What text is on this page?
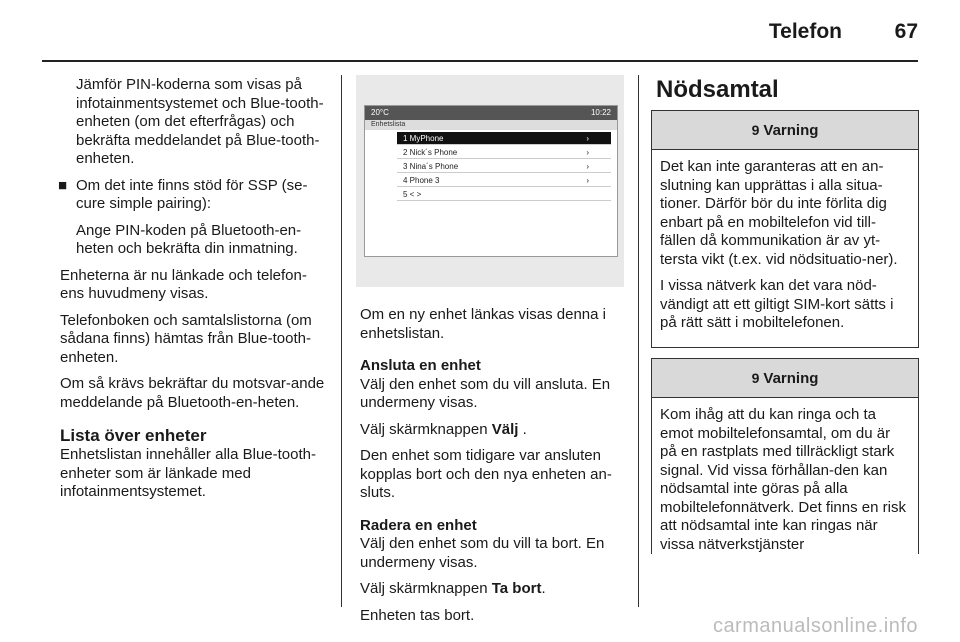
Telefon	67

Jämför PIN-koderna som visas på infotainmentsystemet och Blue‐tooth-enheten (om det efterfrågas) och bekräfta meddelandet på Blue‐tooth-enheten.

■ Om det inte finns stöd för SSP (se‐cure simple pairing):

Ange PIN-koden på Bluetooth-en‐heten och bekräfta din inmatning.

Enheterna är nu länkade och telefon‐ens huvudmeny visas.

Telefonboken och samtalslistorna (om sådana finns) hämtas från Blue‐tooth-enheten.

Om så krävs bekräftar du motsvar‐ande meddelande på Bluetooth-en‐heten.

Lista över enheter

Enhetslistan innehåller alla Blue‐tooth-enheter som är länkade med infotainmentsystemet.

20°C	10:22
Enhetslista
1 MyPhone	›
2 Nick´s Phone	›
3 Nina´s Phone	›
4 Phone 3	›
5 < >

Om en ny enhet länkas visas denna i enhetslistan.

Ansluta en enhet

Välj den enhet som du vill ansluta. En undermeny visas.

Välj skärmknappen Välj .

Den enhet som tidigare var ansluten kopplas bort och den nya enheten an‐sluts.

Radera en enhet

Välj den enhet som du vill ta bort. En undermeny visas.

Välj skärmknappen Ta bort.

Enheten tas bort.

Nödsamtal
9 Varning

Det kan inte garanteras att en an‐slutning kan upprättas i alla situa‐tioner. Därför bör du inte förlita dig enbart på en mobiltelefon vid till‐fällen då kommunikation är av yt‐tersta vikt (t.ex. vid nödsituatio‐ner).

I vissa nätverk kan det vara nöd‐vändigt att ett giltigt SIM-kort sätts i på rätt sätt i mobiltelefonen.

9 Varning

Kom ihåg att du kan ringa och ta emot mobiltelefonsamtal, om du är på en rastplats med tillräckligt stark signal. Vid vissa förhållan‐den kan nödsamtal inte göras på alla mobiltelefonnätverk. Det finns en risk att nödsamtal inte kan ringas när vissa nätverkstjänster

carmanualsonline.info
